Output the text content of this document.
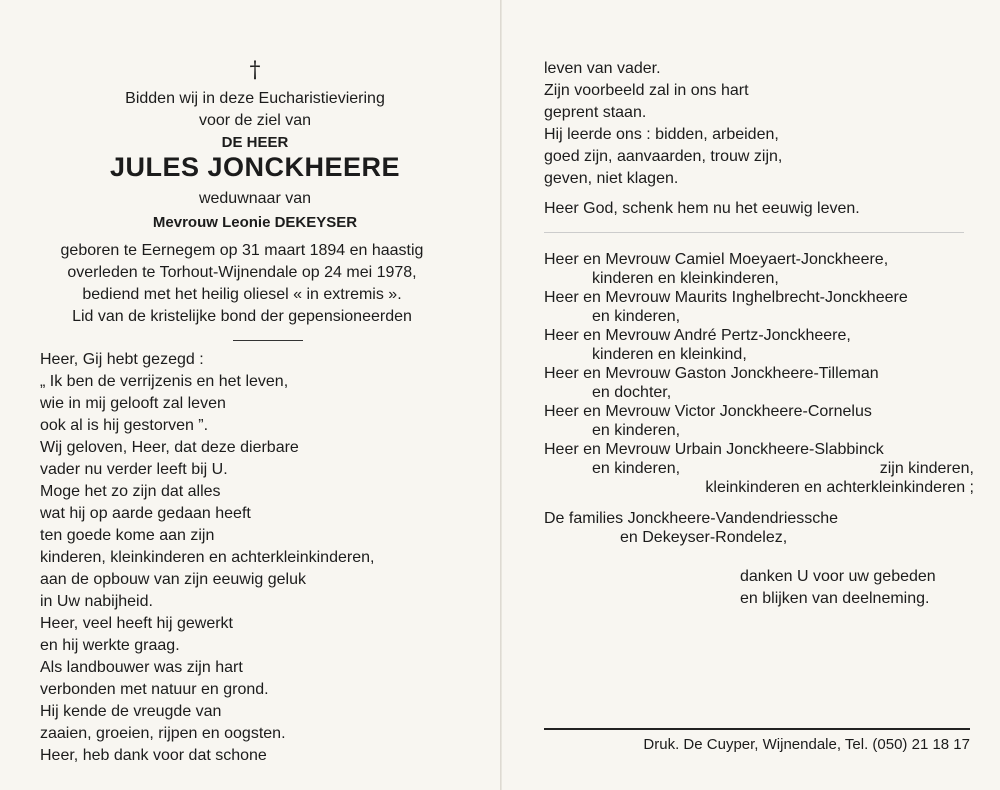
†
Bidden wij in deze Eucharistieviering
voor de ziel van
DE HEER
JULES JONCKHEERE
weduwnaar van
Mevrouw Leonie DEKEYSER
geboren te Eernegem op 31 maart 1894 en haastig
overleden te Torhout-Wijnendale op 24 mei 1978,
bediend met het heilig oliesel « in extremis ».
Lid van de kristelijke bond der gepensioneerden
Heer, Gij hebt gezegd :
„ Ik ben de verrijzenis en het leven,
wie in mij gelooft zal leven
ook al is hij gestorven ”.
Wij geloven, Heer, dat deze dierbare
vader nu verder leeft bij U.
Moge het zo zijn dat alles
wat hij op aarde gedaan heeft
ten goede kome aan zijn
kinderen, kleinkinderen en achterkleinkinderen,
aan de opbouw van zijn eeuwig geluk
in Uw nabijheid.
Heer, veel heeft hij gewerkt
en hij werkte graag.
Als landbouwer was zijn hart
verbonden met natuur en grond.
Hij kende de vreugde van
zaaien, groeien, rijpen en oogsten.
Heer, heb dank voor dat schone
leven van vader.
Zijn voorbeeld zal in ons hart
geprent staan.
Hij leerde ons : bidden, arbeiden,
goed zijn, aanvaarden, trouw zijn,
geven, niet klagen.
Heer God, schenk hem nu het eeuwig leven.
Heer en Mevrouw Camiel Moeyaert-Jonckheere,
kinderen en kleinkinderen,
Heer en Mevrouw Maurits Inghelbrecht-Jonckheere
en kinderen,
Heer en Mevrouw André Pertz-Jonckheere,
kinderen en kleinkind,
Heer en Mevrouw Gaston Jonckheere-Tilleman
en dochter,
Heer en Mevrouw Victor Jonckheere-Cornelus
en kinderen,
Heer en Mevrouw Urbain Jonckheere-Slabbinck
en kinderen,	zijn kinderen,
kleinkinderen en achterkleinkinderen ;
De families Jonckheere-Vandendriessche
en Dekeyser-Rondelez,
danken U voor uw gebeden
en blijken van deelneming.
Druk. De Cuyper, Wijnendale, Tel. (050) 21 18 17
